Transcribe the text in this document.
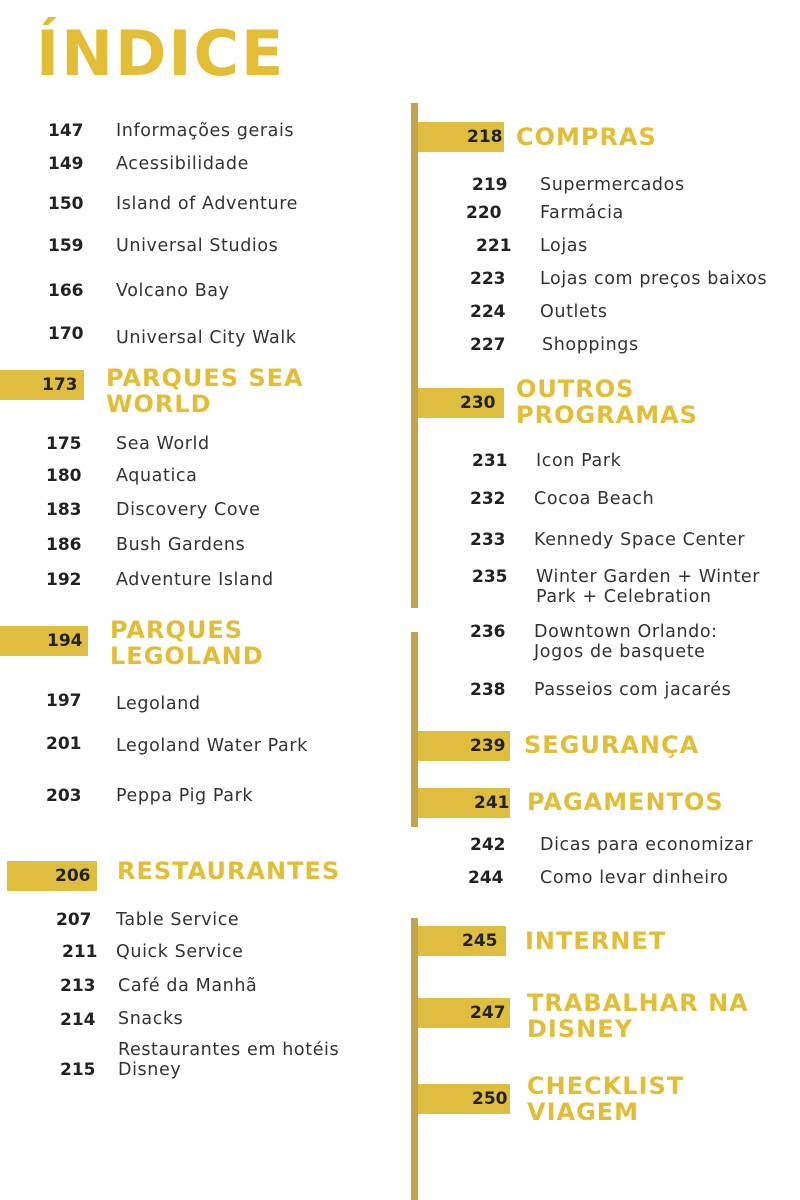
ÍNDICE
147 Informações gerais
149 Acessibilidade
150 Island of Adventure
159 Universal Studios
166 Volcano Bay
170 Universal City Walk
173 PARQUES SEA WORLD
175 Sea World
180 Aquatica
183 Discovery Cove
186 Bush Gardens
192 Adventure Island
194 PARQUES LEGOLAND
197 Legoland
201 Legoland Water Park
203 Peppa Pig Park
206 RESTAURANTES
207 Table Service
211 Quick Service
213 Café da Manhã
214 Snacks
215
Restaurantes em hotéis Disney
218 COMPRAS
219 Supermercados
220 Farmácia
221 Lojas
223 Lojas com preços baixos
224 Outlets
227 Shoppings
230 OUTROS PROGRAMAS
231 Icon Park
232 Cocoa Beach
233 Kennedy Space Center
235 Winter Garden + Winter Park + Celebration
236 Downtown Orlando: Jogos de basquete
238 Passeios com jacarés
239 SEGURANÇA
241 PAGAMENTOS
242 Dicas para economizar
244 Como levar dinheiro
245 INTERNET
247 TRABALHAR NA DISNEY
250 CHECKLIST VIAGEM
